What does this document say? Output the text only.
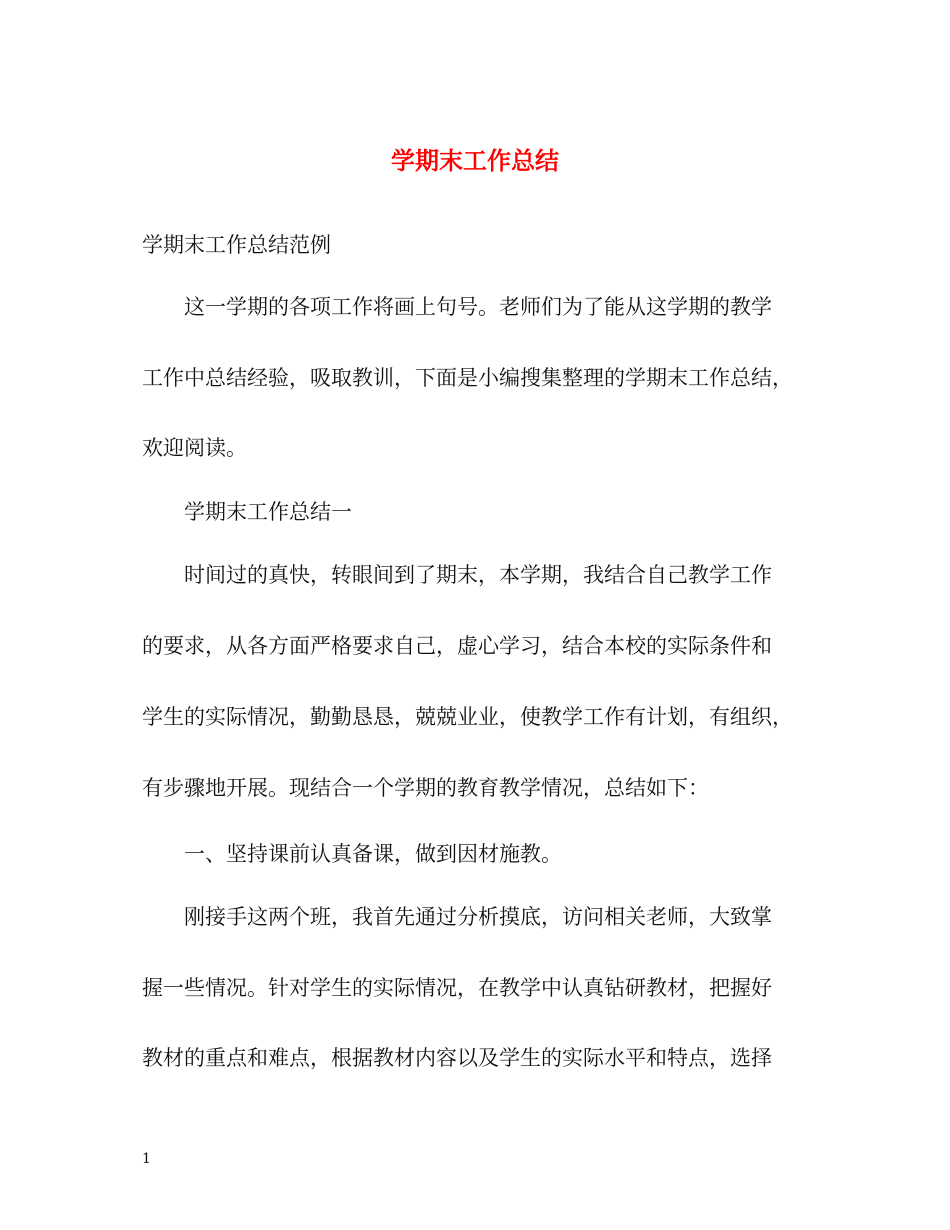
学期末工作总结

学期末工作总结范例

这一学期的各项工作将画上句号。老师们为了能从这学期的教学

工作中总结经验，吸取教训，下面是小编搜集整理的学期末工作总结，

欢迎阅读。

学期末工作总结一

时间过的真快，转眼间到了期末，本学期，我结合自己教学工作

的要求，从各方面严格要求自己，虚心学习，结合本校的实际条件和

学生的实际情况，勤勤恳恳，兢兢业业，使教学工作有计划，有组织，

有步骤地开展。现结合一个学期的教育教学情况，总结如下：

一、坚持课前认真备课，做到因材施教。

刚接手这两个班，我首先通过分析摸底，访问相关老师，大致掌

握一些情况。针对学生的实际情况，在教学中认真钻研教材，把握好

教材的重点和难点，根据教材内容以及学生的实际水平和特点，选择

1
